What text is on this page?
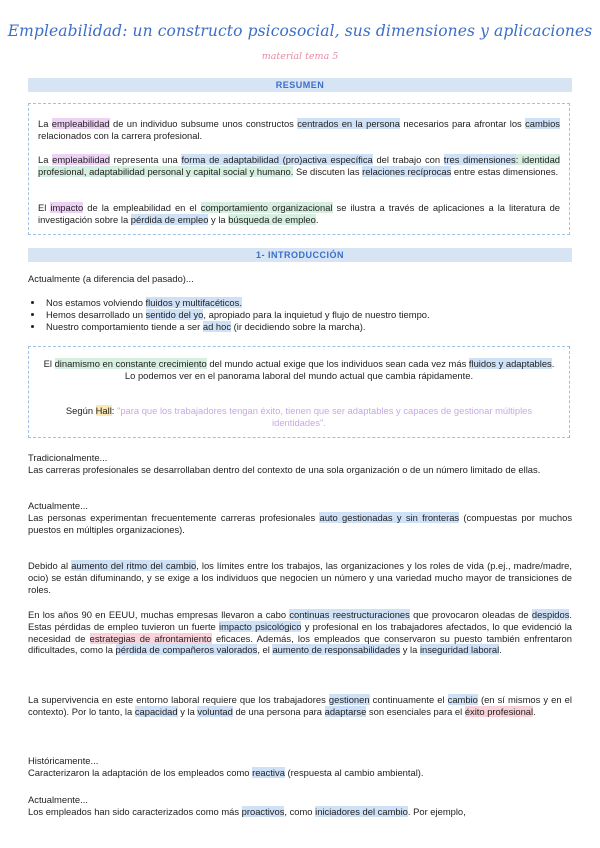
Empleabilidad: un constructo psicosocial, sus dimensiones y aplicaciones
material tema 5
RESUMEN
La empleabilidad de un individuo subsume unos constructos centrados en la persona necesarios para afrontar los cambios relacionados con la carrera profesional.
La empleabilidad representa una forma de adaptabilidad (pro)activa específica del trabajo con tres dimensiones: identidad profesional, adaptabilidad personal y capital social y humano. Se discuten las relaciones recíprocas entre estas dimensiones.
El impacto de la empleabilidad en el comportamiento organizacional se ilustra a través de aplicaciones a la literatura de investigación sobre la pérdida de empleo y la búsqueda de empleo.
1- INTRODUCCIÓN
Actualmente (a diferencia del pasado)...
• Nos estamos volviendo fluidos y multifacéticos.
• Hemos desarrollado un sentido del yo, apropiado para la inquietud y flujo de nuestro tiempo.
• Nuestro comportamiento tiende a ser ad hoc (ir decidiendo sobre la marcha).
El dinamismo en constante crecimiento del mundo actual exige que los individuos sean cada vez más fluidos y adaptables. Lo podemos ver en el panorama laboral del mundo actual que cambia rápidamente.
Según Hall: "para que los trabajadores tengan éxito, tienen que ser adaptables y capaces de gestionar múltiples identidades".
Tradicionalmente...
Las carreras profesionales se desarrollaban dentro del contexto de una sola organización o de un número limitado de ellas.
Actualmente...
Las personas experimentan frecuentemente carreras profesionales auto gestionadas y sin fronteras (compuestas por muchos puestos en múltiples organizaciones).
Debido al aumento del ritmo del cambio, los límites entre los trabajos, las organizaciones y los roles de vida (p.ej., madre/madre, ocio) se están difuminando, y se exige a los individuos que negocien un número y una variedad mucho mayor de transiciones de roles.
En los años 90 en EEUU, muchas empresas llevaron a cabo continuas reestructuraciones que provocaron oleadas de despidos. Estas pérdidas de empleo tuvieron un fuerte impacto psicológico y profesional en los trabajadores afectados, lo que evidenció la necesidad de estrategias de afrontamiento eficaces. Además, los empleados que conservaron su puesto también enfrentaron dificultades, como la pérdida de compañeros valorados, el aumento de responsabilidades y la inseguridad laboral.
La supervivencia en este entorno laboral requiere que los trabajadores gestionen continuamente el cambio (en sí mismos y en el contexto). Por lo tanto, la capacidad y la voluntad de una persona para adaptarse son esenciales para el éxito profesional.
Históricamente...
Caracterizaron la adaptación de los empleados como reactiva (respuesta al cambio ambiental).
Actualmente...
Los empleados han sido caracterizados como más proactivos, como iniciadores del cambio. Por ejemplo,
